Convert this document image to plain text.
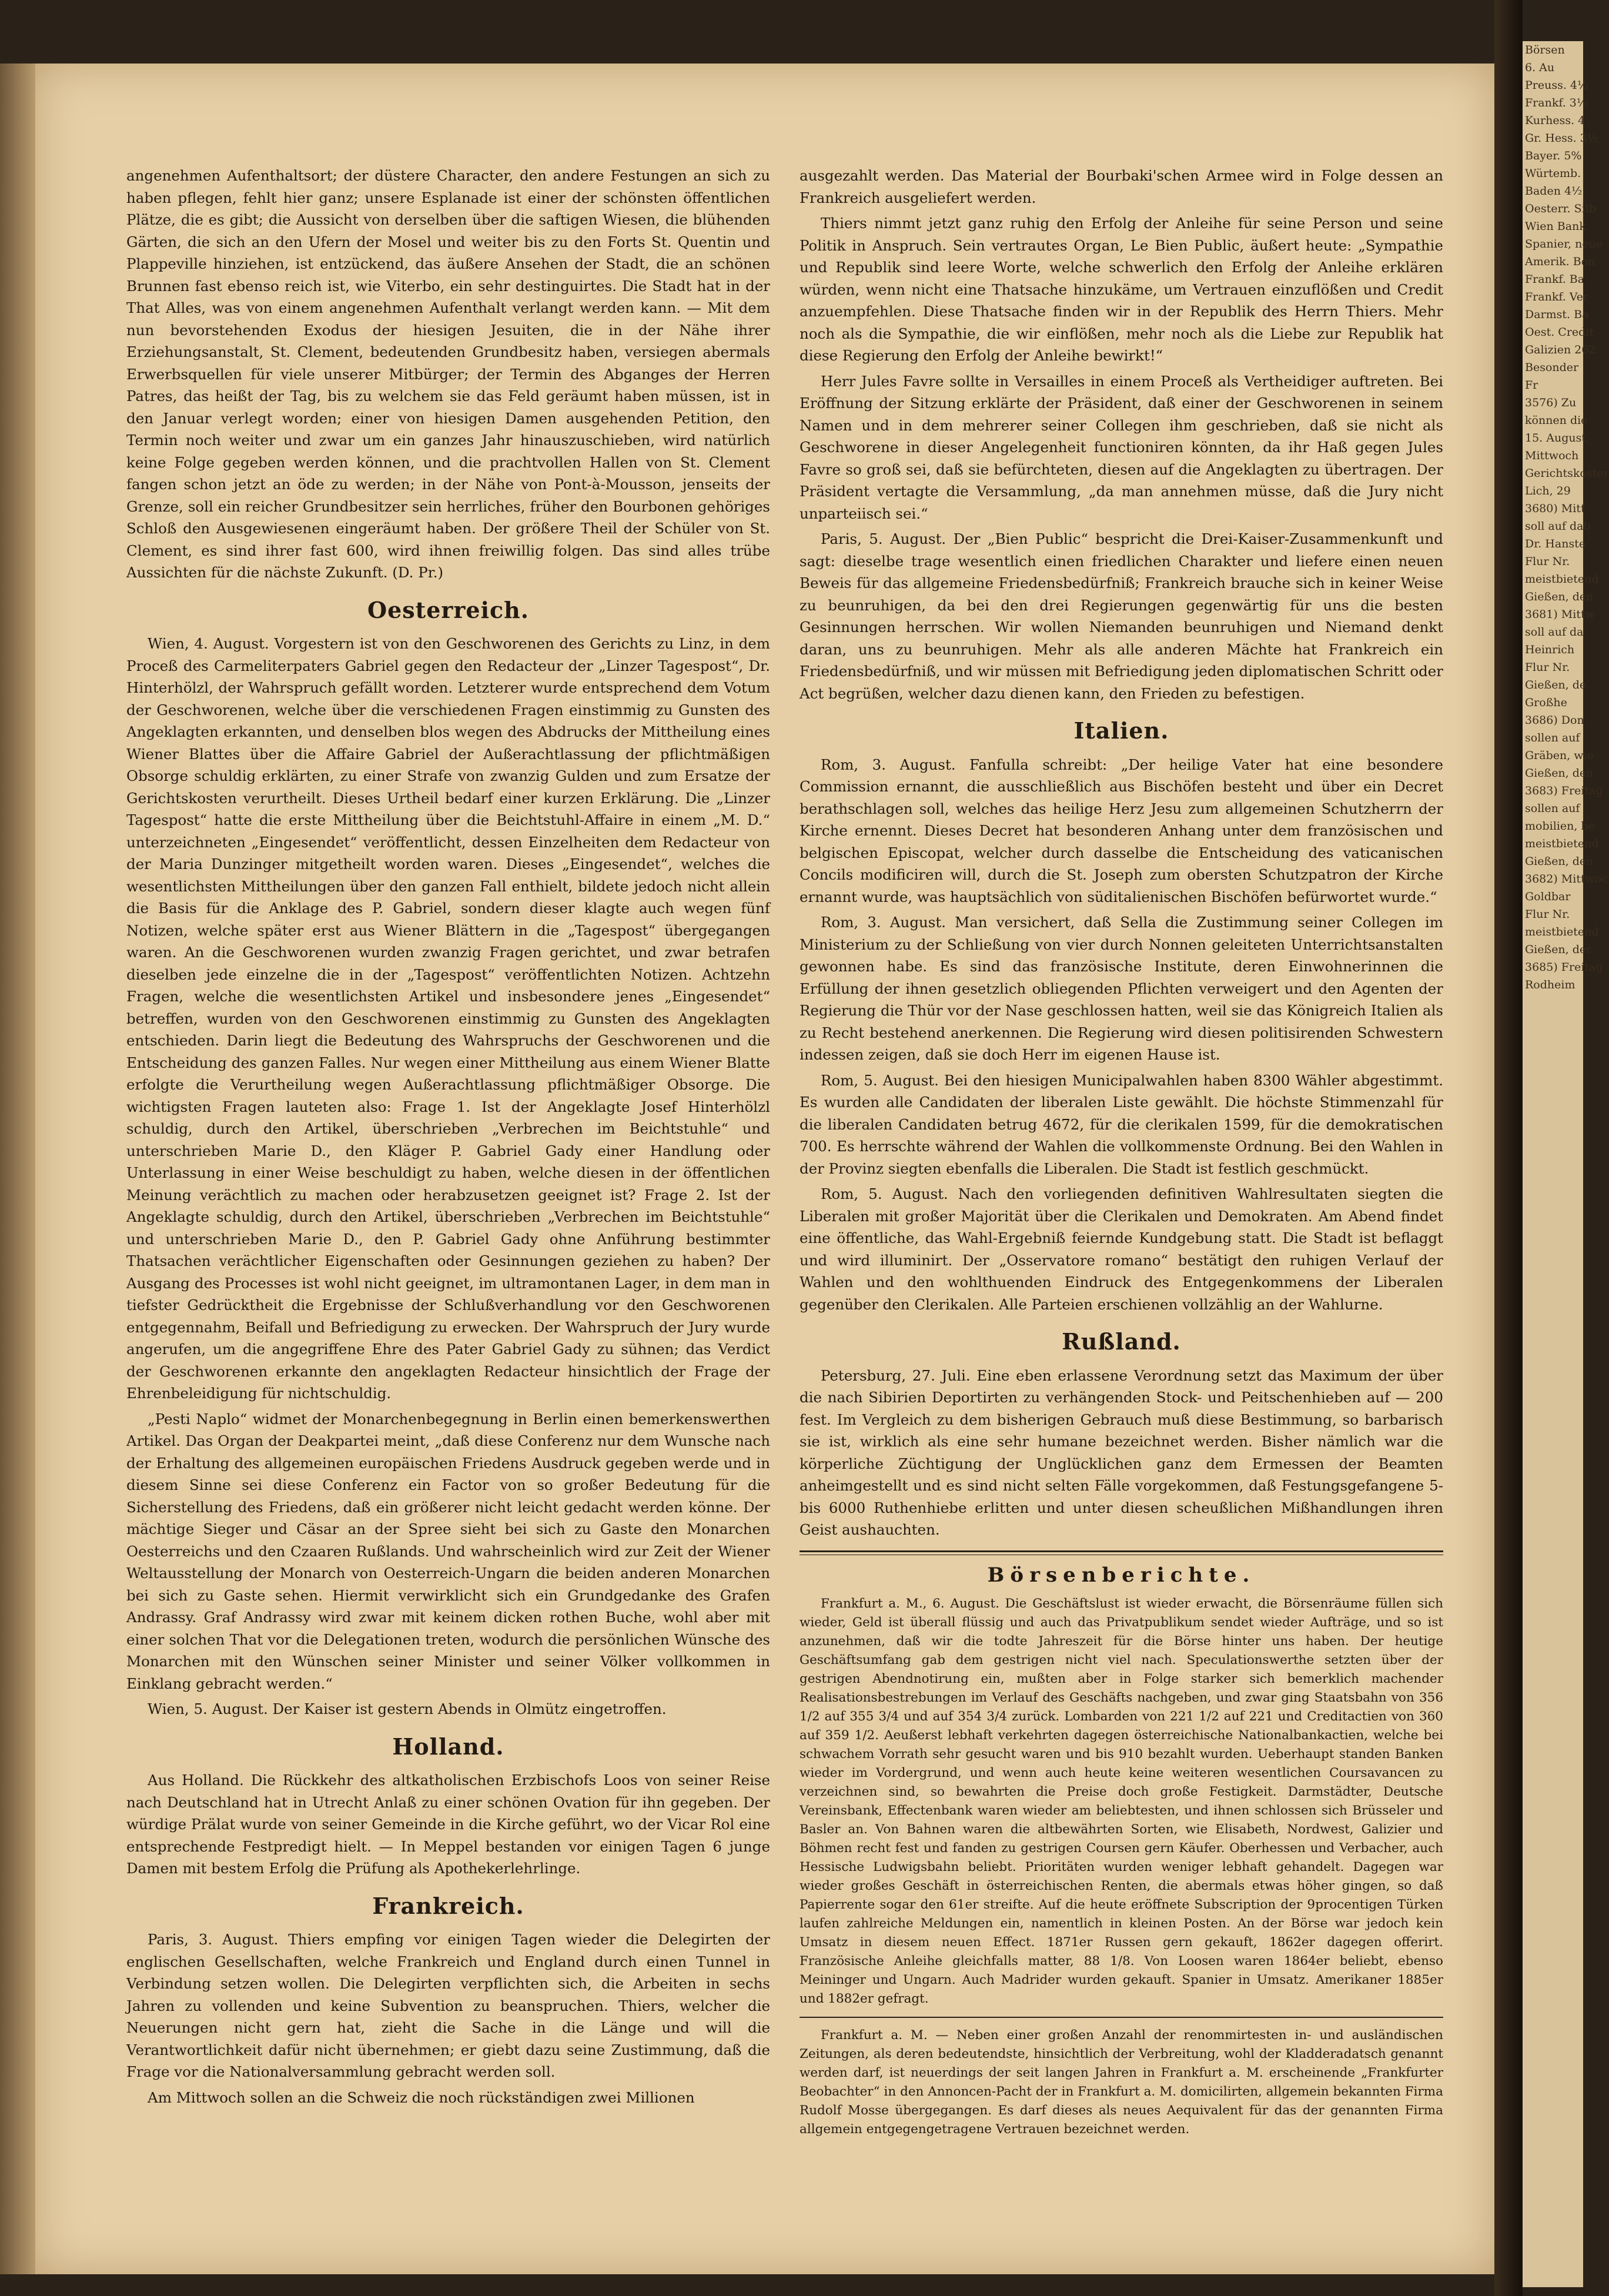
Börsen
6. Au
Preuss. 4½
Frankf. 3½
Kurhess. 4
Gr. Hess. 3½
Bayer. 5%
Würtemb.
Baden 4½
Oesterr. Silb
Wien Bank
Spanier, neue
Amerik. Bon
Frankf. Ba
Frankf. Ver
Darmst. Ba
Oest. Credit
Galizien 262
Besonder
Fr
3576) Zu
können die
15. August
Mittwoch
Gerichtskoster
Lich, 29
3680) Mitt
soll auf dab
Dr. Hanste
Flur Nr.
meistbietend
Gießen, den
3681) Mittw
soll auf da
Heinrich
Flur Nr.
Gießen, de
Großhe
3686) Don
sollen auf
Gräben, wie
Gießen, den
3683) Freitag
sollen auf
mobilien, be
meistbietend
Gießen, den
3682) Mittwoc
Goldbar
Flur Nr.
meistbietend
Gießen, der
3685) Freitag
Rodheim

angenehmen Aufenthaltsort; der düstere Character, den andere Festungen an sich zu haben pflegen, fehlt hier ganz; unsere Esplanade ist einer der schönsten öffentlichen Plätze, die es gibt; die Aussicht von derselben über die saftigen Wiesen, die blühenden Gärten, die sich an den Ufern der Mosel und weiter bis zu den Forts St. Quentin und Plappeville hinziehen, ist entzückend, das äußere Ansehen der Stadt, die an schönen Brunnen fast ebenso reich ist, wie Viterbo, ein sehr destinguirtes. Die Stadt hat in der That Alles, was von einem angenehmen Aufenthalt verlangt werden kann. — Mit dem nun bevorstehenden Exodus der hiesigen Jesuiten, die in der Nähe ihrer Erziehungsanstalt, St. Clement, bedeutenden Grundbesitz haben, versiegen abermals Erwerbsquellen für viele unserer Mitbürger; der Termin des Abganges der Herren Patres, das heißt der Tag, bis zu welchem sie das Feld geräumt haben müssen, ist in den Januar verlegt worden; einer von hiesigen Damen ausgehenden Petition, den Termin noch weiter und zwar um ein ganzes Jahr hinauszuschieben, wird natürlich keine Folge gegeben werden können, und die prachtvollen Hallen von St. Clement fangen schon jetzt an öde zu werden; in der Nähe von Pont-à-Mousson, jenseits der Grenze, soll ein reicher Grundbesitzer sein herrliches, früher den Bourbonen gehöriges Schloß den Ausgewiesenen eingeräumt haben. Der größere Theil der Schüler von St. Clement, es sind ihrer fast 600, wird ihnen freiwillig folgen. Das sind alles trübe Aussichten für die nächste Zukunft. (D. Pr.)

Oesterreich.

Wien, 4. August. Vorgestern ist von den Geschworenen des Gerichts zu Linz, in dem Proceß des Carmeliterpaters Gabriel gegen den Redacteur der „Linzer Tagespost“, Dr. Hinterhölzl, der Wahrspruch gefällt worden. Letzterer wurde entsprechend dem Votum der Geschworenen, welche über die verschiedenen Fragen einstimmig zu Gunsten des Angeklagten erkannten, und denselben blos wegen des Abdrucks der Mittheilung eines Wiener Blattes über die Affaire Gabriel der Außerachtlassung der pflichtmäßigen Obsorge schuldig erklärten, zu einer Strafe von zwanzig Gulden und zum Ersatze der Gerichtskosten verurtheilt. Dieses Urtheil bedarf einer kurzen Erklärung. Die „Linzer Tagespost“ hatte die erste Mittheilung über die Beichtstuhl-Affaire in einem „M. D.“ unterzeichneten „Eingesendet“ veröffentlicht, dessen Einzelheiten dem Redacteur von der Maria Dunzinger mitgetheilt worden waren. Dieses „Eingesendet“, welches die wesentlichsten Mittheilungen über den ganzen Fall enthielt, bildete jedoch nicht allein die Basis für die Anklage des P. Gabriel, sondern dieser klagte auch wegen fünf Notizen, welche später erst aus Wiener Blättern in die „Tagespost“ übergegangen waren. An die Geschworenen wurden zwanzig Fragen gerichtet, und zwar betrafen dieselben jede einzelne die in der „Tagespost“ veröffentlichten Notizen. Achtzehn Fragen, welche die wesentlichsten Artikel und insbesondere jenes „Eingesendet“ betreffen, wurden von den Geschworenen einstimmig zu Gunsten des Angeklagten entschieden. Darin liegt die Bedeutung des Wahrspruchs der Geschworenen und die Entscheidung des ganzen Falles. Nur wegen einer Mittheilung aus einem Wiener Blatte erfolgte die Verurtheilung wegen Außerachtlassung pflichtmäßiger Obsorge. Die wichtigsten Fragen lauteten also: Frage 1. Ist der Angeklagte Josef Hinterhölzl schuldig, durch den Artikel, überschrieben „Verbrechen im Beichtstuhle“ und unterschrieben Marie D., den Kläger P. Gabriel Gady einer Handlung oder Unterlassung in einer Weise beschuldigt zu haben, welche diesen in der öffentlichen Meinung verächtlich zu machen oder herabzusetzen geeignet ist? Frage 2. Ist der Angeklagte schuldig, durch den Artikel, überschrieben „Verbrechen im Beichtstuhle“ und unterschrieben Marie D., den P. Gabriel Gady ohne Anführung bestimmter Thatsachen verächtlicher Eigenschaften oder Gesinnungen geziehen zu haben? Der Ausgang des Processes ist wohl nicht geeignet, im ultramontanen Lager, in dem man in tiefster Gedrücktheit die Ergebnisse der Schlußverhandlung vor den Geschworenen entgegennahm, Beifall und Befriedigung zu erwecken. Der Wahrspruch der Jury wurde angerufen, um die angegriffene Ehre des Pater Gabriel Gady zu sühnen; das Verdict der Geschworenen erkannte den angeklagten Redacteur hinsichtlich der Frage der Ehrenbeleidigung für nichtschuldig.

„Pesti Naplo“ widmet der Monarchenbegegnung in Berlin einen bemerkenswerthen Artikel. Das Organ der Deakpartei meint, „daß diese Conferenz nur dem Wunsche nach der Erhaltung des allgemeinen europäischen Friedens Ausdruck gegeben werde und in diesem Sinne sei diese Conferenz ein Factor von so großer Bedeutung für die Sicherstellung des Friedens, daß ein größerer nicht leicht gedacht werden könne. Der mächtige Sieger und Cäsar an der Spree sieht bei sich zu Gaste den Monarchen Oesterreichs und den Czaaren Rußlands. Und wahrscheinlich wird zur Zeit der Wiener Weltausstellung der Monarch von Oesterreich-Ungarn die beiden anderen Monarchen bei sich zu Gaste sehen. Hiermit verwirklicht sich ein Grundgedanke des Grafen Andrassy. Graf Andrassy wird zwar mit keinem dicken rothen Buche, wohl aber mit einer solchen That vor die Delegationen treten, wodurch die persönlichen Wünsche des Monarchen mit den Wünschen seiner Minister und seiner Völker vollkommen in Einklang gebracht werden.“

Wien, 5. August. Der Kaiser ist gestern Abends in Olmütz eingetroffen.

Holland.

Aus Holland. Die Rückkehr des altkatholischen Erzbischofs Loos von seiner Reise nach Deutschland hat in Utrecht Anlaß zu einer schönen Ovation für ihn gegeben. Der würdige Prälat wurde von seiner Gemeinde in die Kirche geführt, wo der Vicar Rol eine entsprechende Festpredigt hielt. — In Meppel bestanden vor einigen Tagen 6 junge Damen mit bestem Erfolg die Prüfung als Apothekerlehrlinge.

Frankreich.

Paris, 3. August. Thiers empfing vor einigen Tagen wieder die Delegirten der englischen Gesellschaften, welche Frankreich und England durch einen Tunnel in Verbindung setzen wollen. Die Delegirten verpflichten sich, die Arbeiten in sechs Jahren zu vollenden und keine Subvention zu beanspruchen. Thiers, welcher die Neuerungen nicht gern hat, zieht die Sache in die Länge und will die Verantwortlichkeit dafür nicht übernehmen; er giebt dazu seine Zustimmung, daß die Frage vor die Nationalversammlung gebracht werden soll.

Am Mittwoch sollen an die Schweiz die noch rückständigen zwei Millionen

ausgezahlt werden. Das Material der Bourbaki'schen Armee wird in Folge dessen an Frankreich ausgeliefert werden.

Thiers nimmt jetzt ganz ruhig den Erfolg der Anleihe für seine Person und seine Politik in Anspruch. Sein vertrautes Organ, Le Bien Public, äußert heute: „Sympathie und Republik sind leere Worte, welche schwerlich den Erfolg der Anleihe erklären würden, wenn nicht eine Thatsache hinzukäme, um Vertrauen einzuflößen und Credit anzuempfehlen. Diese Thatsache finden wir in der Republik des Herrn Thiers. Mehr noch als die Sympathie, die wir einflößen, mehr noch als die Liebe zur Republik hat diese Regierung den Erfolg der Anleihe bewirkt!“

Herr Jules Favre sollte in Versailles in einem Proceß als Vertheidiger auftreten. Bei Eröffnung der Sitzung erklärte der Präsident, daß einer der Geschworenen in seinem Namen und in dem mehrerer seiner Collegen ihm geschrieben, daß sie nicht als Geschworene in dieser Angelegenheit functioniren könnten, da ihr Haß gegen Jules Favre so groß sei, daß sie befürchteten, diesen auf die Angeklagten zu übertragen. Der Präsident vertagte die Versammlung, „da man annehmen müsse, daß die Jury nicht unparteiisch sei.“

Paris, 5. August. Der „Bien Public“ bespricht die Drei-Kaiser-Zusammenkunft und sagt: dieselbe trage wesentlich einen friedlichen Charakter und liefere einen neuen Beweis für das allgemeine Friedensbedürfniß; Frankreich brauche sich in keiner Weise zu beunruhigen, da bei den drei Regierungen gegenwärtig für uns die besten Gesinnungen herrschen. Wir wollen Niemanden beunruhigen und Niemand denkt daran, uns zu beunruhigen. Mehr als alle anderen Mächte hat Frankreich ein Friedensbedürfniß, und wir müssen mit Befriedigung jeden diplomatischen Schritt oder Act begrüßen, welcher dazu dienen kann, den Frieden zu befestigen.

Italien.

Rom, 3. August. Fanfulla schreibt: „Der heilige Vater hat eine besondere Commission ernannt, die ausschließlich aus Bischöfen besteht und über ein Decret berathschlagen soll, welches das heilige Herz Jesu zum allgemeinen Schutzherrn der Kirche ernennt. Dieses Decret hat besonderen Anhang unter dem französischen und belgischen Episcopat, welcher durch dasselbe die Entscheidung des vaticanischen Concils modificiren will, durch die St. Joseph zum obersten Schutzpatron der Kirche ernannt wurde, was hauptsächlich von süditalienischen Bischöfen befürwortet wurde.“

Rom, 3. August. Man versichert, daß Sella die Zustimmung seiner Collegen im Ministerium zu der Schließung von vier durch Nonnen geleiteten Unterrichtsanstalten gewonnen habe. Es sind das französische Institute, deren Einwohnerinnen die Erfüllung der ihnen gesetzlich obliegenden Pflichten verweigert und den Agenten der Regierung die Thür vor der Nase geschlossen hatten, weil sie das Königreich Italien als zu Recht bestehend anerkennen. Die Regierung wird diesen politisirenden Schwestern indessen zeigen, daß sie doch Herr im eigenen Hause ist.

Rom, 5. August. Bei den hiesigen Municipalwahlen haben 8300 Wähler abgestimmt. Es wurden alle Candidaten der liberalen Liste gewählt. Die höchste Stimmenzahl für die liberalen Candidaten betrug 4672, für die clerikalen 1599, für die demokratischen 700. Es herrschte während der Wahlen die vollkommenste Ordnung. Bei den Wahlen in der Provinz siegten ebenfalls die Liberalen. Die Stadt ist festlich geschmückt.

Rom, 5. August. Nach den vorliegenden definitiven Wahlresultaten siegten die Liberalen mit großer Majorität über die Clerikalen und Demokraten. Am Abend findet eine öffentliche, das Wahl-Ergebniß feiernde Kundgebung statt. Die Stadt ist beflaggt und wird illuminirt. Der „Osservatore romano“ bestätigt den ruhigen Verlauf der Wahlen und den wohlthuenden Eindruck des Entgegenkommens der Liberalen gegenüber den Clerikalen. Alle Parteien erschienen vollzählig an der Wahlurne.

Rußland.

Petersburg, 27. Juli. Eine eben erlassene Verordnung setzt das Maximum der über die nach Sibirien Deportirten zu verhängenden Stock- und Peitschenhieben auf — 200 fest. Im Vergleich zu dem bisherigen Gebrauch muß diese Bestimmung, so barbarisch sie ist, wirklich als eine sehr humane bezeichnet werden. Bisher nämlich war die körperliche Züchtigung der Unglücklichen ganz dem Ermessen der Beamten anheimgestellt und es sind nicht selten Fälle vorgekommen, daß Festungsgefangene 5- bis 6000 Ruthenhiebe erlitten und unter diesen scheußlichen Mißhandlungen ihren Geist aushauchten.

Börsenberichte.

Frankfurt a. M., 6. August. Die Geschäftslust ist wieder erwacht, die Börsenräume füllen sich wieder, Geld ist überall flüssig und auch das Privatpublikum sendet wieder Aufträge, und so ist anzunehmen, daß wir die todte Jahreszeit für die Börse hinter uns haben. Der heutige Geschäftsumfang gab dem gestrigen nicht viel nach. Speculationswerthe setzten über der gestrigen Abendnotirung ein, mußten aber in Folge starker sich bemerklich machender Realisationsbestrebungen im Verlauf des Geschäfts nachgeben, und zwar ging Staatsbahn von 356 1/2 auf 355 3/4 und auf 354 3/4 zurück. Lombarden von 221 1/2 auf 221 und Creditactien von 360 auf 359 1/2. Aeußerst lebhaft verkehrten dagegen österreichische Nationalbankactien, welche bei schwachem Vorrath sehr gesucht waren und bis 910 bezahlt wurden. Ueberhaupt standen Banken wieder im Vordergrund, und wenn auch heute keine weiteren wesentlichen Coursavancen zu verzeichnen sind, so bewahrten die Preise doch große Festigkeit. Darmstädter, Deutsche Vereinsbank, Effectenbank waren wieder am beliebtesten, und ihnen schlossen sich Brüsseler und Basler an. Von Bahnen waren die altbewährten Sorten, wie Elisabeth, Nordwest, Galizier und Böhmen recht fest und fanden zu gestrigen Coursen gern Käufer. Oberhessen und Verbacher, auch Hessische Ludwigsbahn beliebt. Prioritäten wurden weniger lebhaft gehandelt. Dagegen war wieder großes Geschäft in österreichischen Renten, die abermals etwas höher gingen, so daß Papierrente sogar den 61er streifte. Auf die heute eröffnete Subscription der 9procentigen Türken laufen zahlreiche Meldungen ein, namentlich in kleinen Posten. An der Börse war jedoch kein Umsatz in diesem neuen Effect. 1871er Russen gern gekauft, 1862er dagegen offerirt. Französische Anleihe gleichfalls matter, 88 1/8. Von Loosen waren 1864er beliebt, ebenso Meininger und Ungarn. Auch Madrider wurden gekauft. Spanier in Umsatz. Amerikaner 1885er und 1882er gefragt.

Frankfurt a. M. — Neben einer großen Anzahl der renommirtesten in- und ausländischen Zeitungen, als deren bedeutendste, hinsichtlich der Verbreitung, wohl der Kladderadatsch genannt werden darf, ist neuerdings der seit langen Jahren in Frankfurt a. M. erscheinende „Frankfurter Beobachter“ in den Annoncen-Pacht der in Frankfurt a. M. domicilirten, allgemein bekannten Firma Rudolf Mosse übergegangen. Es darf dieses als neues Aequivalent für das der genannten Firma allgemein entgegengetragene Vertrauen bezeichnet werden.
